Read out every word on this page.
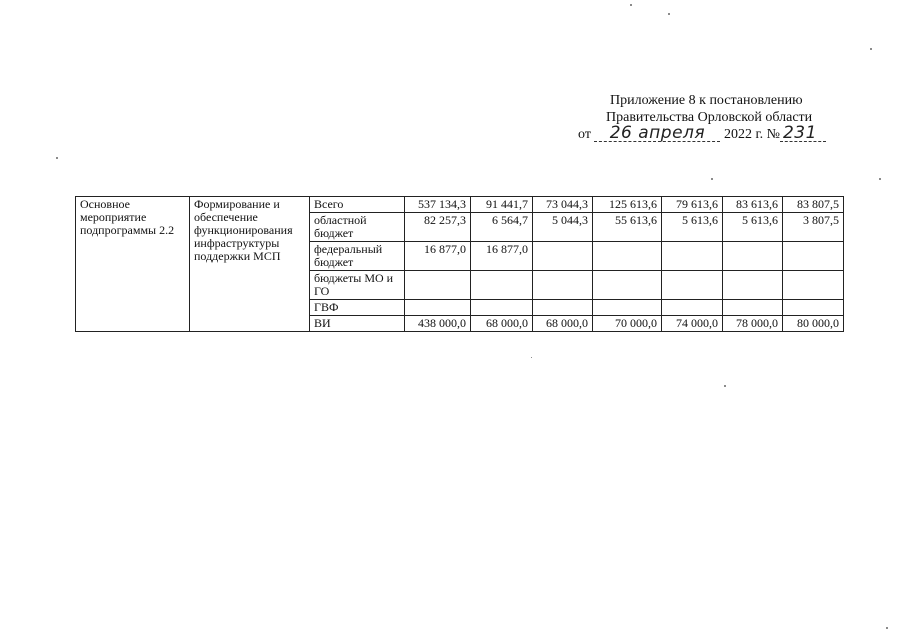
Приложение 8 к постановлению
Правительства Орловской области
от 26 апреля 2022 г. № 231
Основное мероприятие подпрограммы 2.2	Формирование и обеспечение функционирования инфраструктуры поддержки МСП	Всего	537 134,3	91 441,7	73 044,3	125 613,6	79 613,6	83 613,6	83 807,5
		областной бюджет	82 257,3	6 564,7	5 044,3	55 613,6	5 613,6	5 613,6	3 807,5
		федеральный бюджет	16 877,0	16 877,0					
		бюджеты МО и ГО							
		ГВФ							
		ВИ	438 000,0	68 000,0	68 000,0	70 000,0	74 000,0	78 000,0	80 000,0
